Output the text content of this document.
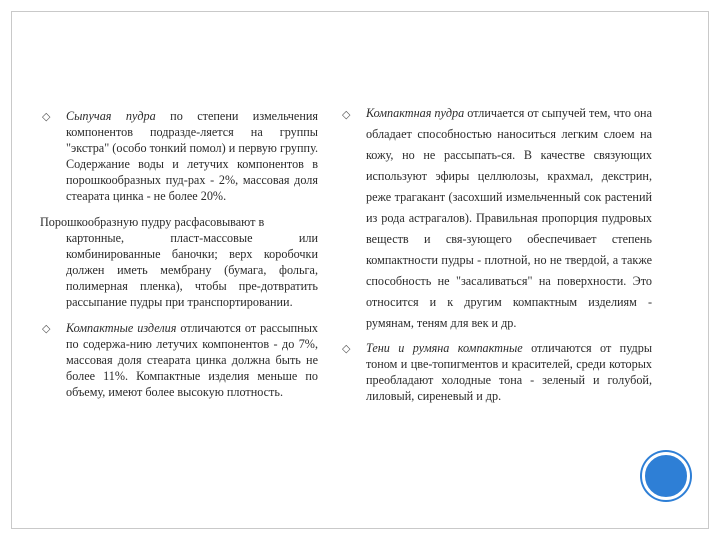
◇ Сыпучая пудра по степени измельчения компонентов подразде-ляется на группы "экстра" (особо тонкий помол) и первую группу. Содержание воды и летучих компонентов в порошкообразных пуд-рах - 2%, массовая доля стеарата цинка - не более 20%.
Порошкообразную пудру расфасовывают в
картонные, пласт-массовые или комбинированные баночки; верх коробочки должен иметь мембрану (бумага, фольга, полимерная пленка), чтобы пре-дотвратить рассыпание пудры при транспортировании.
◇ Компактные изделия отличаются от рассыпных по содержа-нию летучих компонентов - до 7%, массовая доля стеарата цинка должна быть не более 11%. Компактные изделия меньше по объему, имеют более высокую плотность.
◇ Компактная пудра отличается от сыпучей тем, что она обладает способностью наноситься легким слоем на кожу, но не рассыпать-ся. В качестве связующих используют эфиры целлюлозы, крахмал, декстрин, реже трагакант (засохший измельченный сок растений из рода астрагалов). Правильная пропорция пудровых веществ и свя-зующего обеспечивает степень компактности пудры - плотной, но не твердой, а также способность не "засаливаться" на поверхности. Это относится и к другим компактным изделиям - румянам, теням для век и др.
◇ Тени и румяна компактные отличаются от пудры тоном и цве-топигментов и красителей, среди которых преобладают холодные тона - зеленый и голубой, лиловый, сиреневый и др.
